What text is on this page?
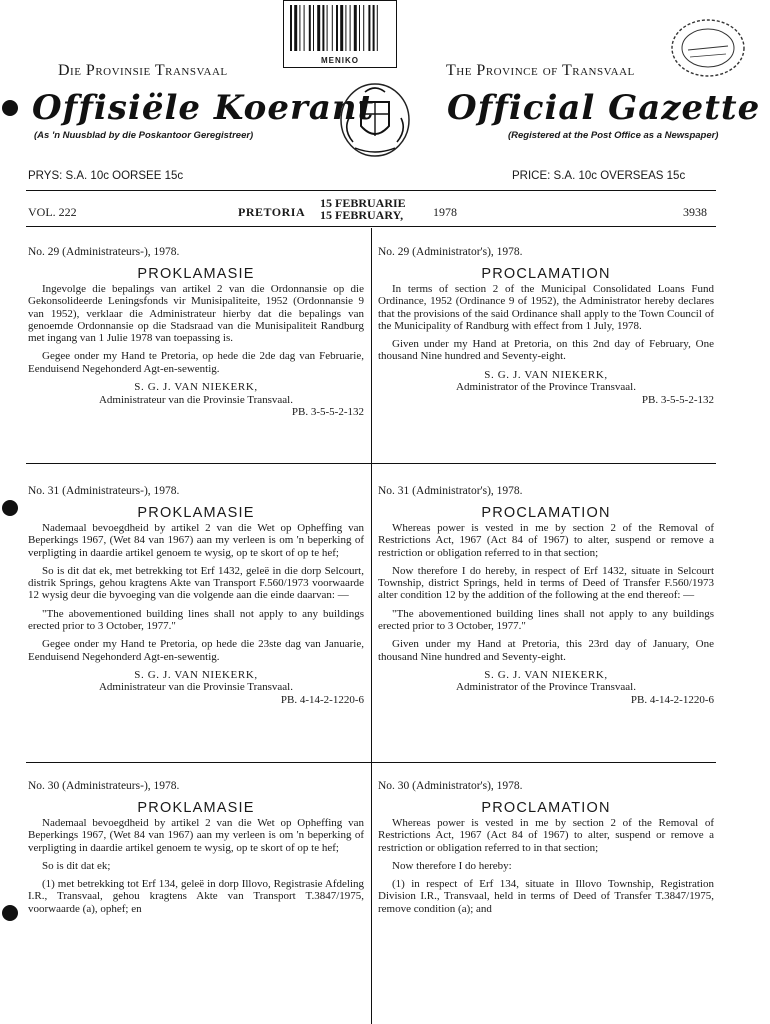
MENIKO
Die Provinsie Transvaal	The Province of Transvaal
Offisiële Koerant Official Gazette
(As 'n Nuusblad by die Poskantoor Geregistreer)	(Registered at the Post Office as a Newspaper)
PRYS: S.A. 10c OORSEE 15c	PRICE: S.A. 10c OVERSEAS 15c
VOL. 222	PRETORIA
15 FEBRUARIE
15 FEBRUARY, 1978	3938
No. 29 (Administrateurs-), 1978.
PROKLAMASIE

Ingevolge die bepalings van artikel 2 van die Ordonnansie op die Gekonsolideerde Leningsfonds vir Munisipaliteite, 1952 (Ordonnansie 9 van 1952), verklaar die Administrateur hierby dat die bepalings van genoemde Ordonnansie op die Stadsraad van die Munisipaliteit Randburg met ingang van 1 Julie 1978 van toepassing is.

Gegee onder my Hand te Pretoria, op hede die 2de dag van Februarie, Eenduisend Negehonderd Agt-en-sewentig.

S. G. J. VAN NIEKERK,
Administrateur van die Provinsie Transvaal.
PB. 3-5-5-2-132
No. 29 (Administrator's), 1978.
PROCLAMATION

In terms of section 2 of the Municipal Consolidated Loans Fund Ordinance, 1952 (Ordinance 9 of 1952), the Administrator hereby declares that the provisions of the said Ordinance shall apply to the Town Council of the Municipality of Randburg with effect from 1 July, 1978.

Given under my Hand at Pretoria, on this 2nd day of February, One thousand Nine hundred and Seventy-eight.

S. G. J. VAN NIEKERK,
Administrator of the Province Transvaal.
PB. 3-5-5-2-132
No. 31 (Administrateurs-), 1978.
PROKLAMASIE

Nademaal bevoegdheid by artikel 2 van die Wet op Opheffing van Beperkings 1967, (Wet 84 van 1967) aan my verleen is om 'n beperking of verpligting in daardie artikel genoem te wysig, op te skort of op te hef;

So is dit dat ek, met betrekking tot Erf 1432, geleë in die dorp Selcourt, distrik Springs, gehou kragtens Akte van Transport F.560/1973 voorwaarde 12 wysig deur die byvoeging van die volgende aan die einde daarvan: —

"The abovementioned building lines shall not apply to any buildings erected prior to 3 October, 1977."

Gegee onder my Hand te Pretoria, op hede die 23ste dag van Januarie, Eenduisend Negehonderd Agt-en-sewentig.

S. G. J. VAN NIEKERK,
Administrateur van die Provinsie Transvaal.
PB. 4-14-2-1220-6
No. 31 (Administrator's), 1978.
PROCLAMATION

Whereas power is vested in me by section 2 of the Removal of Restrictions Act, 1967 (Act 84 of 1967) to alter, suspend or remove a restriction or obligation referred to in that section;

Now therefore I do hereby, in respect of Erf 1432, situate in Selcourt Township, district Springs, held in terms of Deed of Transfer F.560/1973 alter condition 12 by the addition of the following at the end thereof: —

"The abovementioned building lines shall not apply to any buildings erected prior to 3 October, 1977."

Given under my Hand at Pretoria, this 23rd day of January, One thousand Nine hundred and Seventy-eight.

S. G. J. VAN NIEKERK,
Administrator of the Province Transvaal.
PB. 4-14-2-1220-6
No. 30 (Administrateurs-), 1978.
PROKLAMASIE

Nademaal bevoegdheid by artikel 2 van die Wet op Opheffing van Beperkings 1967, (Wet 84 van 1967) aan my verleen is om 'n beperking of verpligting in daardie artikel genoem te wysig, op te skort of op te hef;

So is dit dat ek;

(1) met betrekking tot Erf 134, geleë in dorp Illovo, Registrasie Afdeling I.R., Transvaal, gehou kragtens Akte van Transport T.3847/1975, voorwaarde (a), ophef; en

No. 30 (Administrator's), 1978.
PROCLAMATION

Whereas power is vested in me by section 2 of the Removal of Restrictions Act, 1967 (Act 84 of 1967) to alter, suspend or remove a restriction or obligation referred to in that section;

Now therefore I do hereby:

(1) in respect of Erf 134, situate in Illovo Township, Registration Division I.R., Transvaal, held in terms of Deed of Transfer T.3847/1975, remove condition (a); and
